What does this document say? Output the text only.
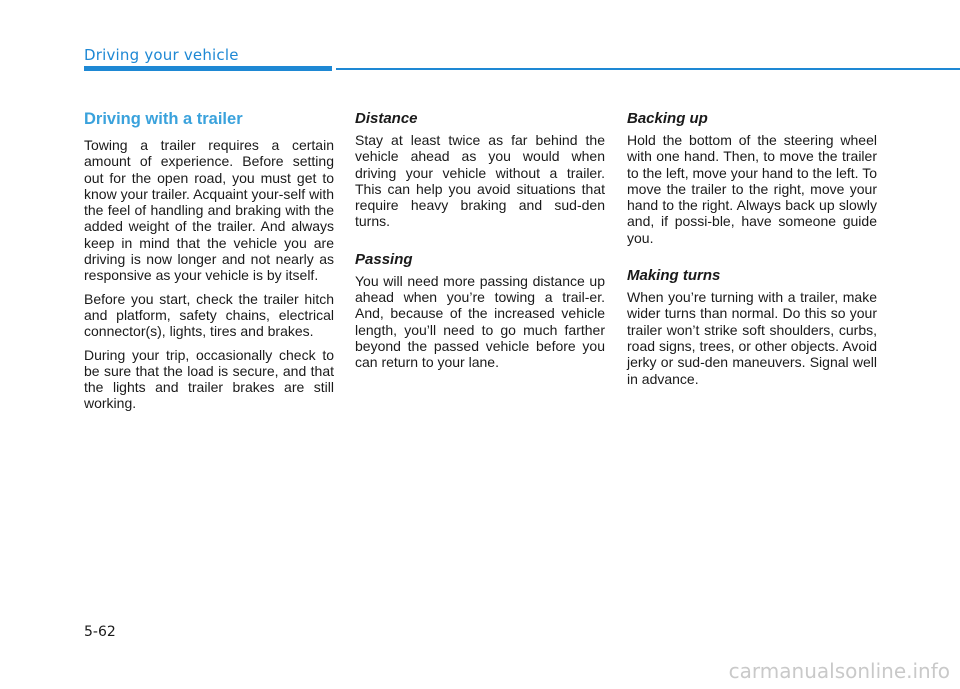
Driving your vehicle
Driving with a trailer

Towing a trailer requires a certain amount of experience. Before setting out for the open road, you must get to know your trailer. Acquaint your-self with the feel of handling and braking with the added weight of the trailer. And always keep in mind that the vehicle you are driving is now longer and not nearly as responsive as your vehicle is by itself.

Before you start, check the trailer hitch and platform, safety chains, electrical connector(s), lights, tires and brakes.

During your trip, occasionally check to be sure that the load is secure, and that the lights and trailer brakes are still working.

Distance

Stay at least twice as far behind the vehicle ahead as you would when driving your vehicle without a trailer. This can help you avoid situations that require heavy braking and sud-den turns.

Passing

You will need more passing distance up ahead when you’re towing a trail-er. And, because of the increased vehicle length, you’ll need to go much farther beyond the passed vehicle before you can return to your lane.

Backing up

Hold the bottom of the steering wheel with one hand. Then, to move the trailer to the left, move your hand to the left. To move the trailer to the right, move your hand to the right. Always back up slowly and, if possi-ble, have someone guide you.

Making turns

When you’re turning with a trailer, make wider turns than normal. Do this so your trailer won’t strike soft shoulders, curbs, road signs, trees, or other objects. Avoid jerky or sud-den maneuvers. Signal well in advance.

5-62
carmanualsonline.info
